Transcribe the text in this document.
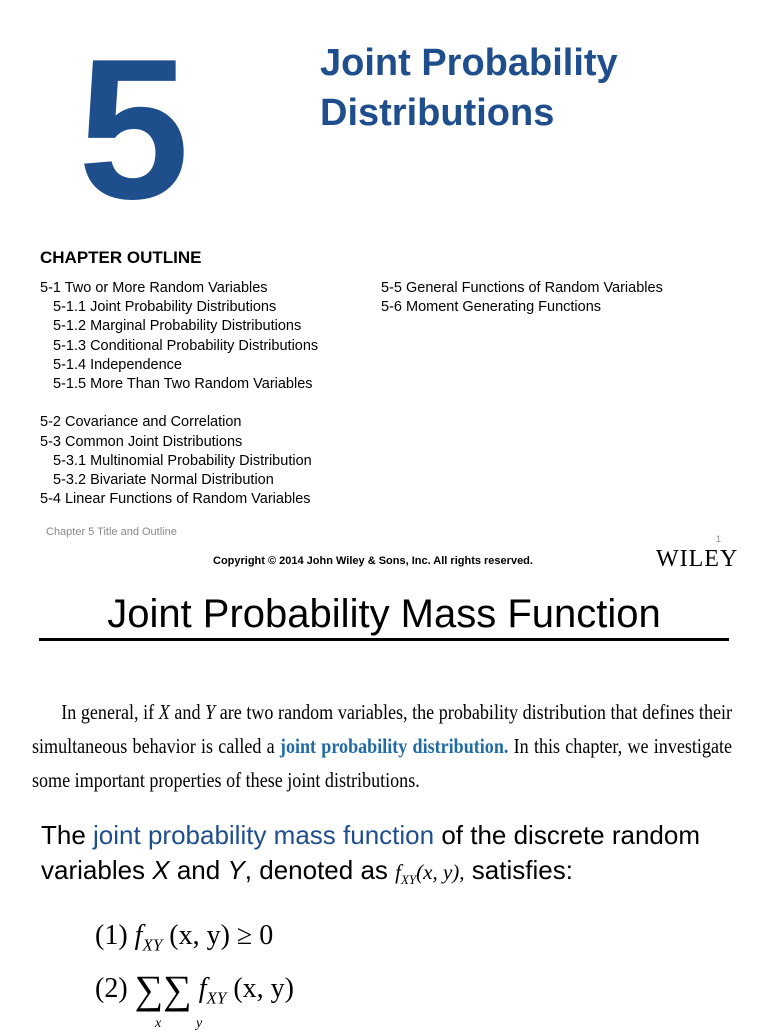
5	Joint Probability
Distributions
CHAPTER OUTLINE
5-1 Two or More Random Variables
5-1.1 Joint Probability Distributions
5-1.2 Marginal Probability Distributions
5-1.3 Conditional Probability Distributions
5-1.4 Independence
5-1.5 More Than Two Random Variables
5-2 Covariance and Correlation
5-3 Common Joint Distributions
5-3.1 Multinomial Probability Distribution
5-3.2 Bivariate Normal Distribution
5-4 Linear Functions of Random Variables
5-5 General Functions of Random Variables
5-6 Moment Generating Functions
Chapter 5 Title and Outline
1
Copyright © 2014 John Wiley & Sons, Inc. All rights reserved.	WILEY
Joint Probability Mass Function
In general, if X and Y are two random variables, the probability distribution that defines their simultaneous behavior is called a joint probability distribution. In this chapter, we investigate some important properties of these joint distributions.
The joint probability mass function of the discrete random variables X and Y, denoted as $f_{XY}(x$, y), satisfies:
(1) $f_{XY}$ (x, y) ≥ 0
(2) ∑∑ $f_{XY}$ (x, y)
x y
